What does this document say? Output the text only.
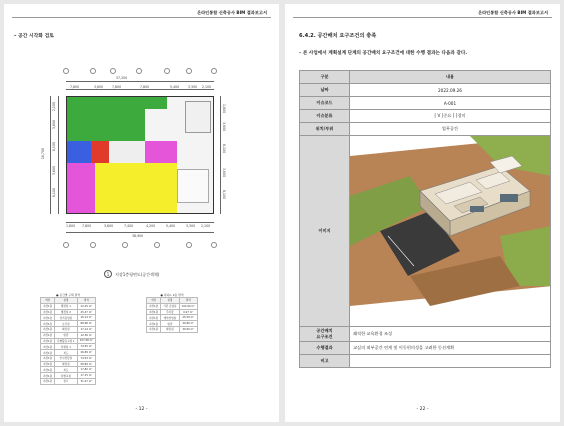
온라인통합 신축공사 BIM 결과보고서
– 공간 시각화 검토
37,200
7,800	3,600	7,800	7,800	5,400	3,300 2,100
18,700
2,100
3,600
8,100
3,600
8,100
1,800
3,600
8,100
3,600
8,100
1,800 7,800	3,600	7,400	4,200	5,400	3,300 2,100
38,900
1 지상1층평면도(공간색채)
● 공간별 구획 면적		
색상	실명	면적
지상1층	행정실 1	12.25 m²
지상1층	행정실 2	25.47 m²
지상1층	상가용업실	16.14 m²
지상1층	보건실	68.98 m²
지상1층	화장실	17.14 m²
지상1층	현관	12.36 m²
지상1층	특별활동교실 1	107.98 m²
지상1층	특별실 1	74.55 m²
지상1층	복도	26.89 m²
지상1층	인사상담실	74.53 m²
지상1층	화장실	58.89 m²
지상1층	복도	17.82 m²
지상1층	특별교실	17.15 m²
지상1층	창고	31.47 m²
● 지하1, 2층 면적		
색상	실명	면적
지상1층	기관 운영실	192.90 m²
지상1층	주차장	9.97 m²
지상1층	계약상업실	25.50 m²
지상1층	현관	40.80 m²
지상1층	화장실	30.50 m²
- 12 -
온라인통합 신축공사 BIM 결과보고서
6.4.2. 공간배치 요구조건의 충족
– 본 사업에서 계획설계 단계의 공간배치 요구조건에 대한 수행 결과는 다음과 같다.
구분	내용
날짜	2022.09.26
이슈코드	A-001
이슈분류	[ V ]중요 [ ]경미
위치/부위	업무공간
이미지	

공간배치
요구조건	쾌적한 교육환경 조성
수행결과	교실의 외부공간 연계 및 이동편의성을 고려한 동선계획
비고	
- 22 -
